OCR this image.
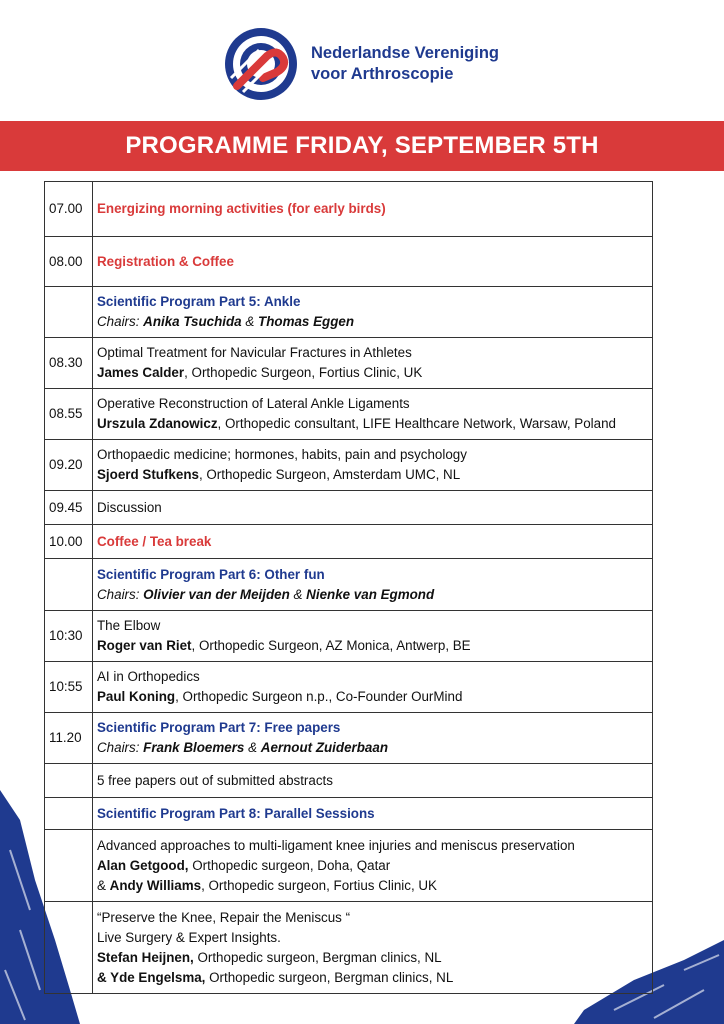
Nederlandse Vereniging
voor Arthroscopie
PROGRAMME FRIDAY, SEPTEMBER 5TH
07.00	Energizing morning activities (for early birds)
08.00	Registration & Coffee

	Scientific Program Part 5: Ankle
Chairs: Anika Tsuchida & Thomas Eggen

08.30	Optimal Treatment for Navicular Fractures in Athletes
James Calder, Orthopedic Surgeon, Fortius Clinic, UK

08.55	Operative Reconstruction of Lateral Ankle Ligaments
Urszula Zdanowicz, Orthopedic consultant, LIFE Healthcare Network, Warsaw, Poland

09.20	Orthopaedic medicine; hormones, habits, pain and psychology
Sjoerd Stufkens, Orthopedic Surgeon, Amsterdam UMC, NL

09.45	Discussion
10.00	Coffee / Tea break

	Scientific Program Part 6: Other fun
Chairs: Olivier van der Meijden & Nienke van Egmond

10:30	The Elbow
Roger van Riet, Orthopedic Surgeon, AZ Monica, Antwerp, BE

10:55	AI in Orthopedics
Paul Koning, Orthopedic Surgeon n.p., Co-Founder OurMind

11.20	Scientific Program Part 7: Free papers
Chairs: Frank Bloemers & Aernout Zuiderbaan

	5 free papers out of submitted abstracts
	Scientific Program Part 8: Parallel Sessions

	Advanced approaches to multi-ligament knee injuries and meniscus preservation
Alan Getgood, Orthopedic surgeon, Doha, Qatar
& Andy Williams, Orthopedic surgeon, Fortius Clinic, UK

	“Preserve the Knee, Repair the Meniscus “
Live Surgery & Expert Insights.
Stefan Heijnen, Orthopedic surgeon, Bergman clinics, NL
& Yde Engelsma, Orthopedic surgeon, Bergman clinics, NL
